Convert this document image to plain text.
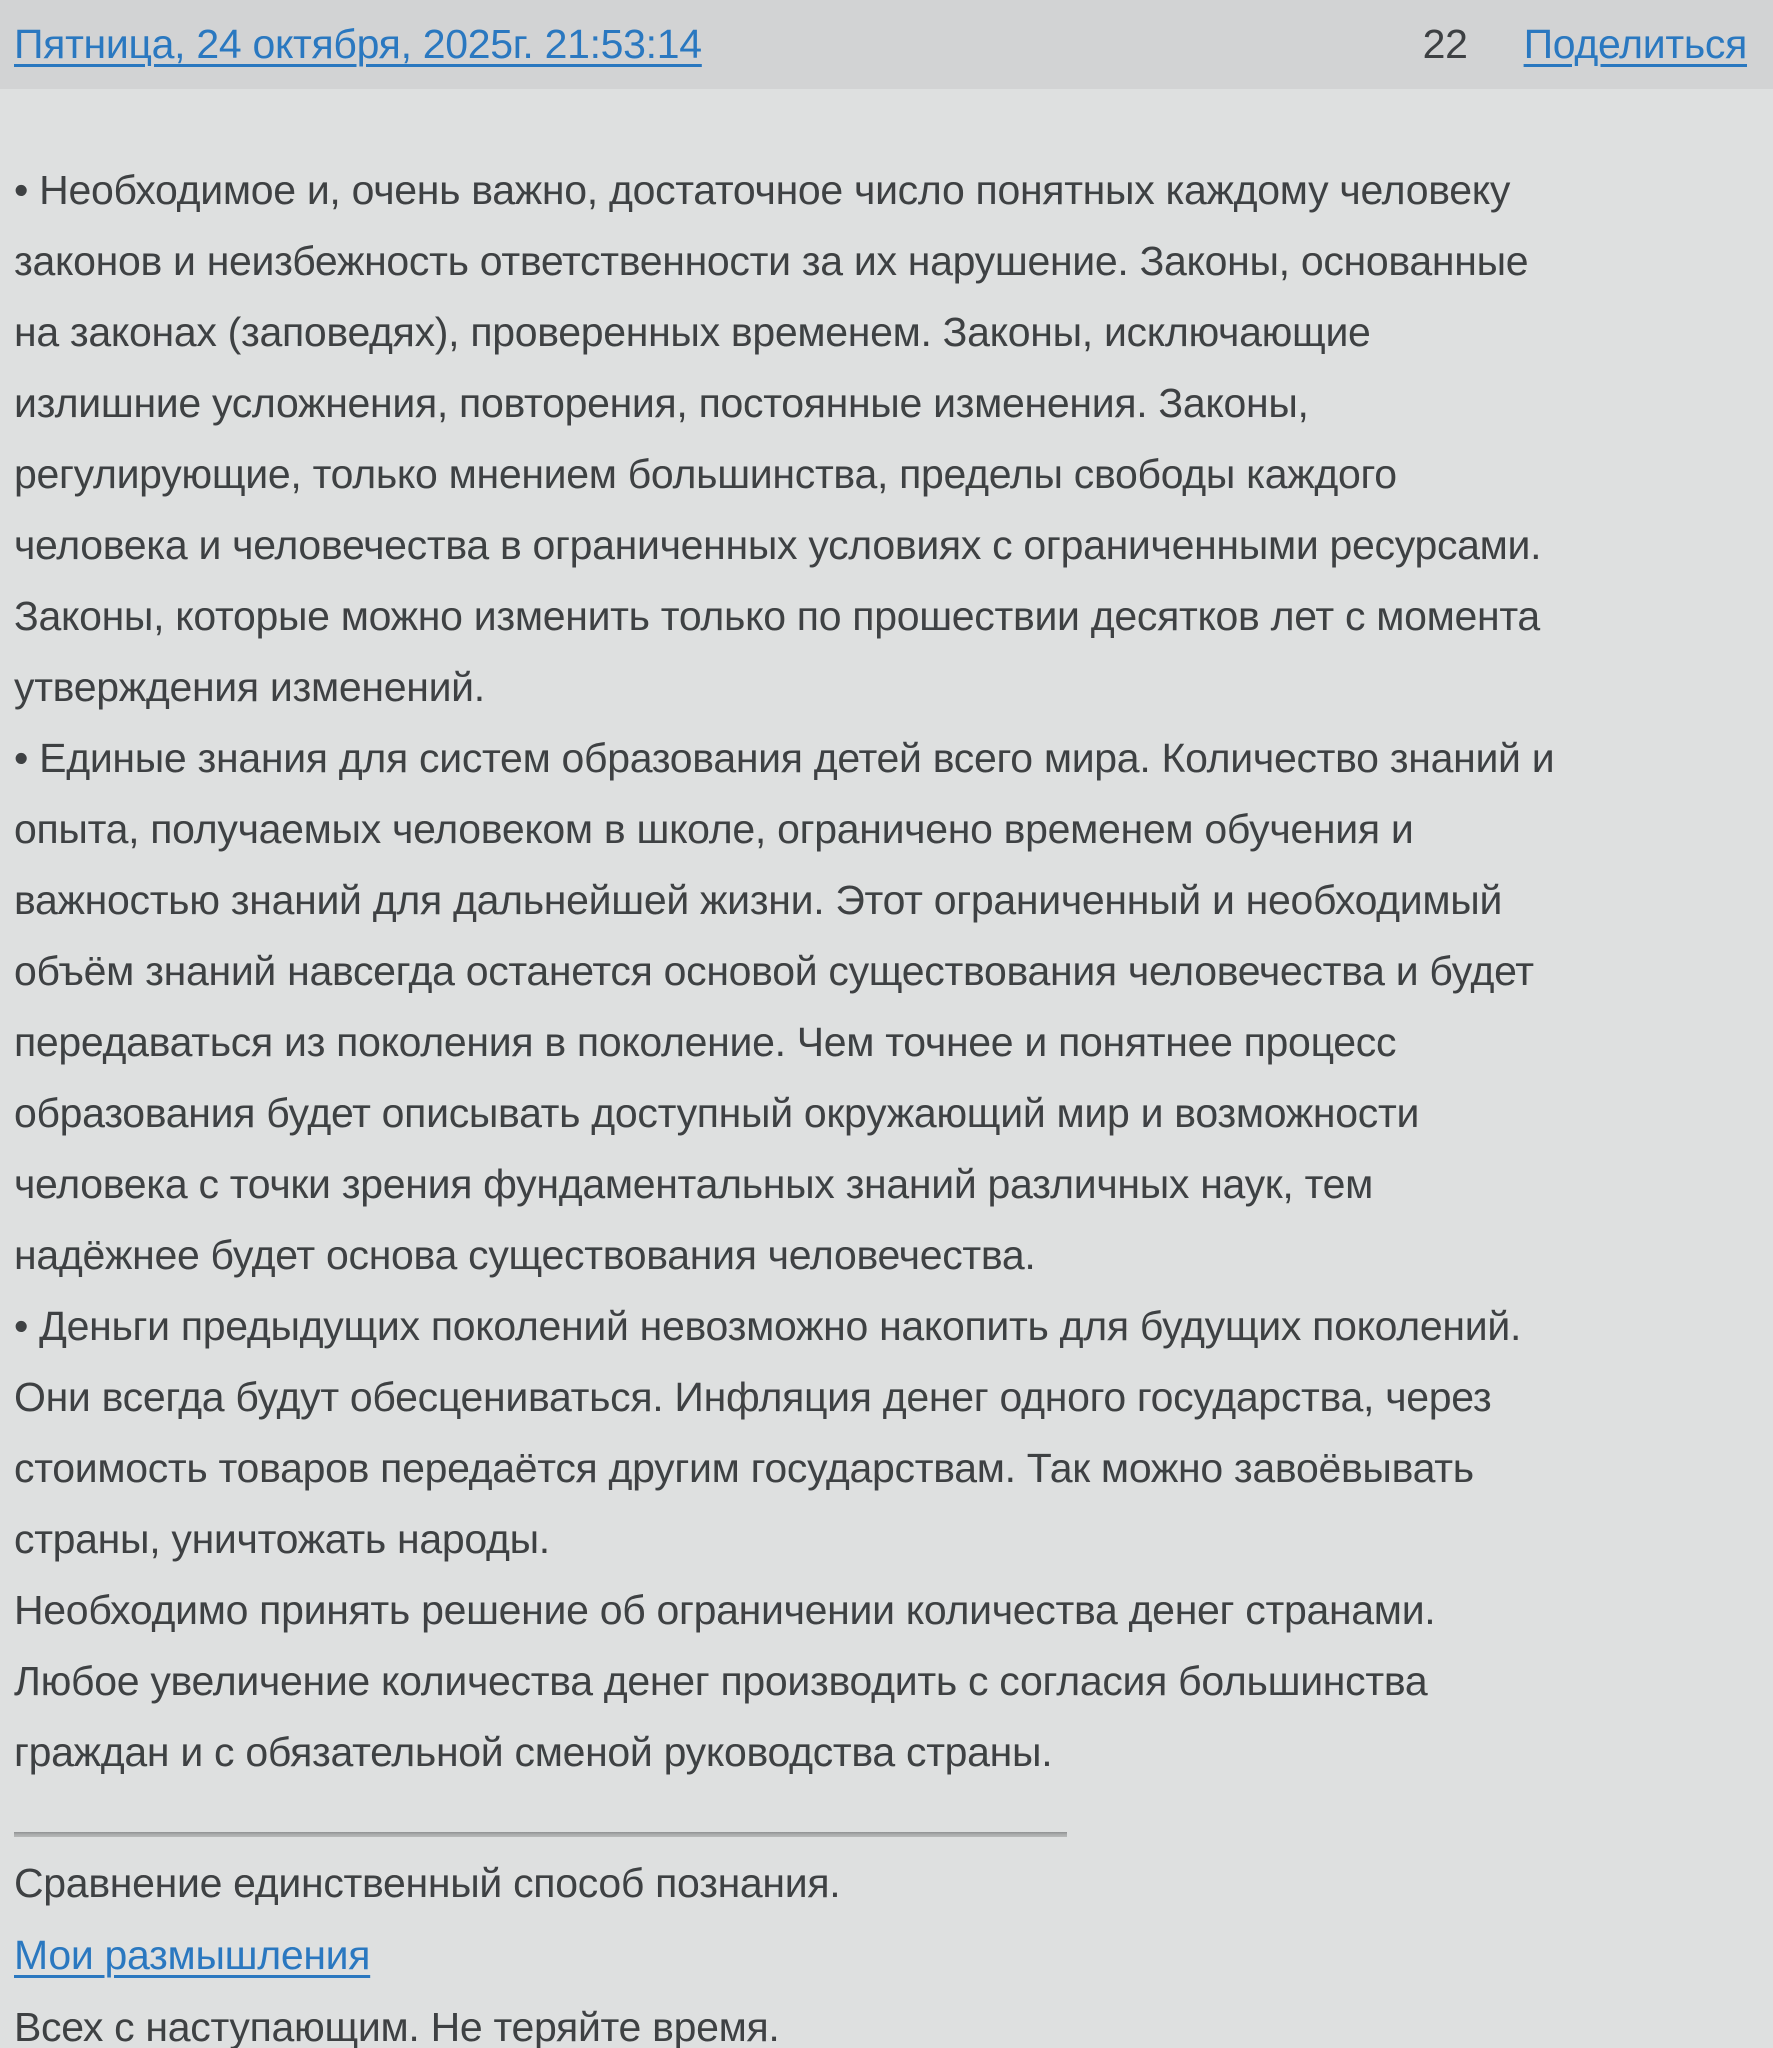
Пятница, 24 октября, 2025г. 21:53:14	22 Поделиться
• Необходимое и, очень важно, достаточное число понятных каждому человеку законов и неизбежность ответственности за их нарушение. Законы, основанные на законах (заповедях), проверенных временем. Законы, исключающие излишние усложнения, повторения, постоянные изменения. Законы, регулирующие, только мнением большинства, пределы свободы каждого человека и человечества в ограниченных условиях с ограниченными ресурсами. Законы, которые можно изменить только по прошествии десятков лет с момента утверждения изменений.
• Единые знания для систем образования детей всего мира. Количество знаний и опыта, получаемых человеком в школе, ограничено временем обучения и важностью знаний для дальнейшей жизни. Этот ограниченный и необходимый объём знаний навсегда останется основой существования человечества и будет передаваться из поколения в поколение. Чем точнее и понятнее процесс образования будет описывать доступный окружающий мир и возможности человека с точки зрения фундаментальных знаний различных наук, тем надёжнее будет основа существования человечества.
• Деньги предыдущих поколений невозможно накопить для будущих поколений. Они всегда будут обесцениваться. Инфляция денег одного государства, через стоимость товаров передаётся другим государствам. Так можно завоёвывать страны, уничтожать народы.
Необходимо принять решение об ограничении количества денег странами. Любое увеличение количества денег производить с согласия большинства граждан и с обязательной сменой руководства страны.
Сравнение единственный способ познания.
Мои размышления
Всех с наступающим. Не теряйте время.
